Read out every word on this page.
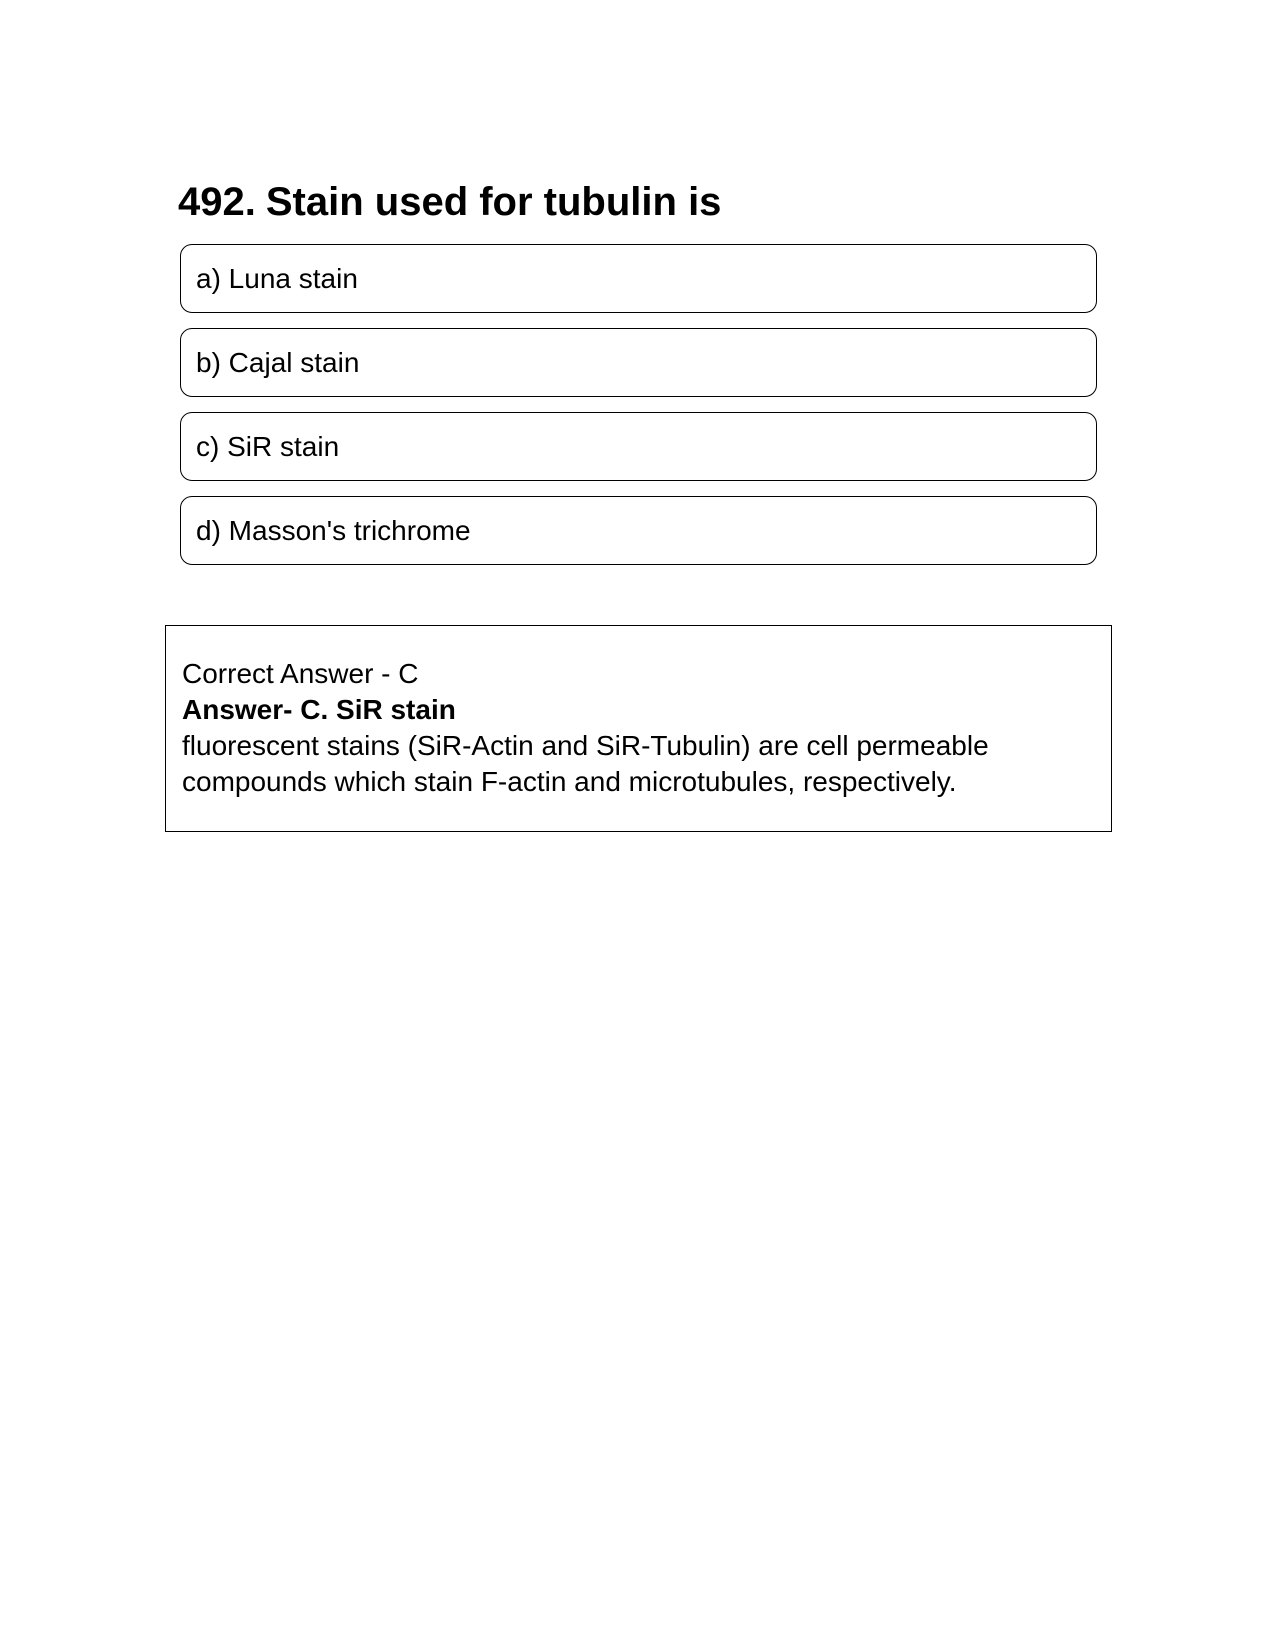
492. Stain used for tubulin is
a) Luna stain
b) Cajal stain
c) SiR stain
d) Masson's trichrome
Correct Answer - C
Answer- C. SiR stain
fluorescent stains (SiR-Actin and SiR-Tubulin) are cell permeable
compounds which stain F-actin and microtubules, respectively.
